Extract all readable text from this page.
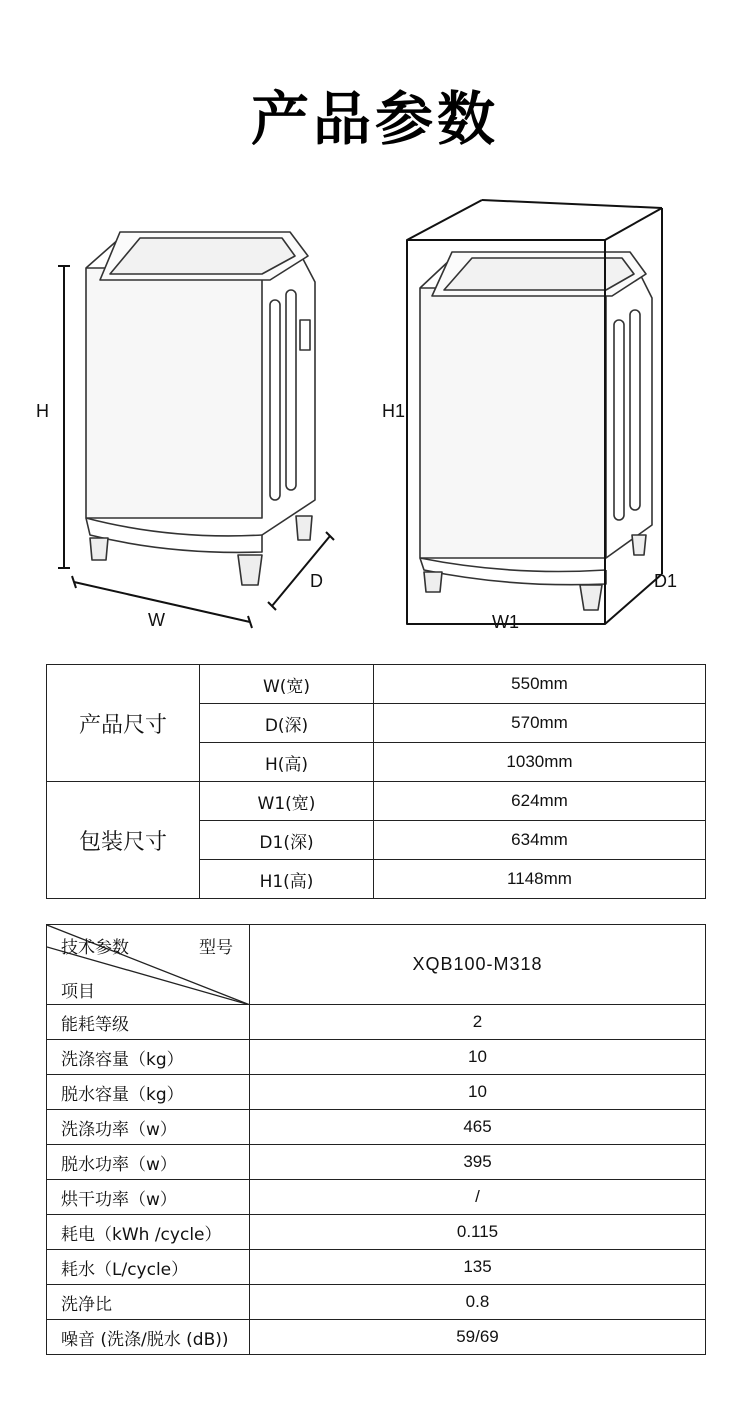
产品参数
H
W
D
H1
W1
D1
产品尺寸	W(宽)	550mm
	D(深)	570mm
	H(高)	1030mm
包装尺寸	W1(宽)	624mm
	D1(深)	634mm
	H1(高)	1148mm
技术参数 型号
项目	XQB100-M318
能耗等级	2
洗涤容量（kg）	10
脱水容量（kg）	10
洗涤功率（w）	465
脱水功率（w）	395
烘干功率（w）	/
耗电（kWh /cycle）	0.115
耗水（L/cycle）	135
洗净比	0.8
噪音 (洗涤/脱水 (dB))	59/69
